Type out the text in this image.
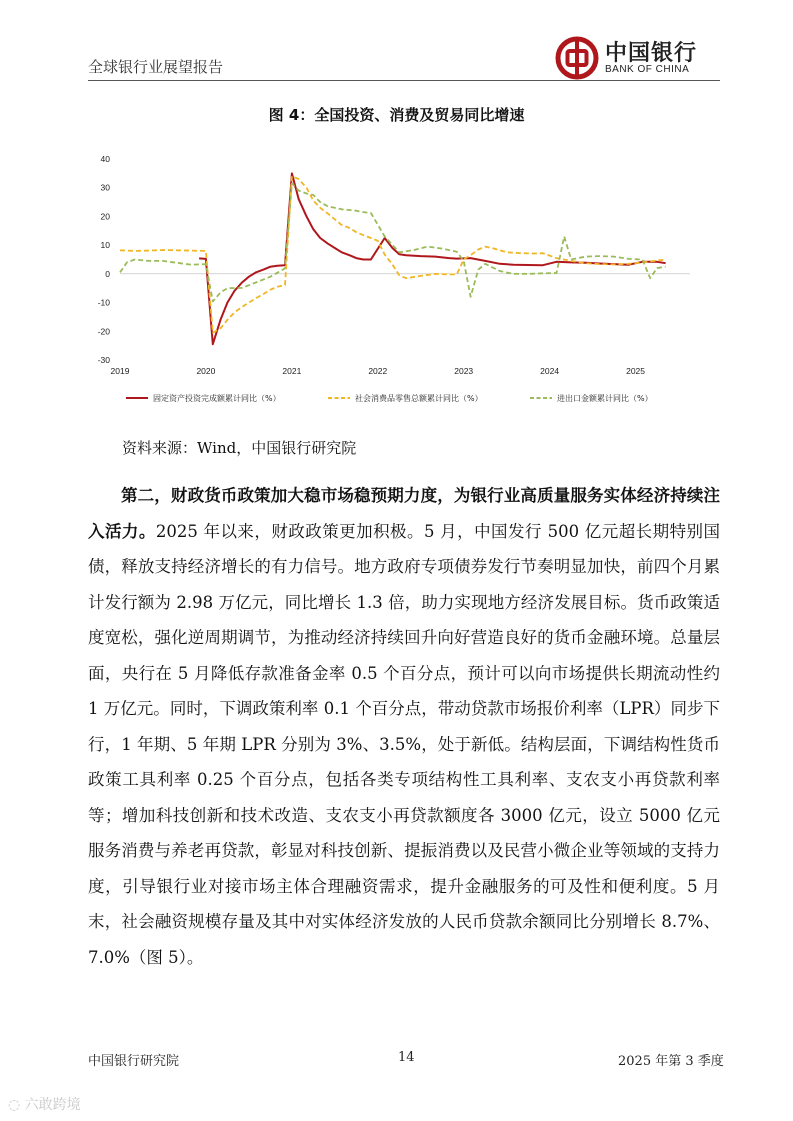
全球银行业展望报告
中国银行
BANK OF CHINA
图 4：全国投资、消费及贸易同比增速
40
30
20
10
0
-10
-20
-30
2019	2020	2021	2022	2023	2024	2025
固定资产投资完成额累计同比（%）	社会消费品零售总额累计同比（%）	进出口金额累计同比（%）
资料来源：Wind，中国银行研究院
第二，财政货币政策加大稳市场稳预期力度，为银行业高质量服务实体经济持续注入活力。2025 年以来，财政政策更加积极。5 月，中国发行 500 亿元超长期特别国债，释放支持经济增长的有力信号。地方政府专项债券发行节奏明显加快，前四个月累计发行额为 2.98 万亿元，同比增长 1.3 倍，助力实现地方经济发展目标。货币政策适度宽松，强化逆周期调节，为推动经济持续回升向好营造良好的货币金融环境。总量层面，央行在 5 月降低存款准备金率 0.5 个百分点，预计可以向市场提供长期流动性约 1 万亿元。同时，下调政策利率 0.1 个百分点，带动贷款市场报价利率（LPR）同步下行，1 年期、5 年期 LPR 分别为 3%、3.5%，处于新低。结构层面，下调结构性货币政策工具利率 0.25 个百分点，包括各类专项结构性工具利率、支农支小再贷款利率等；增加科技创新和技术改造、支农支小再贷款额度各 3000 亿元，设立 5000 亿元服务消费与养老再贷款，彰显对科技创新、提振消费以及民营小微企业等领域的支持力度，引导银行业对接市场主体合理融资需求，提升金融服务的可及性和便利度。5 月末，社会融资规模存量及其中对实体经济发放的人民币贷款余额同比分别增长 8.7%、7.0%（图 5）。
中国银行研究院	14	2025 年第 3 季度
◌ 六敢跨境
